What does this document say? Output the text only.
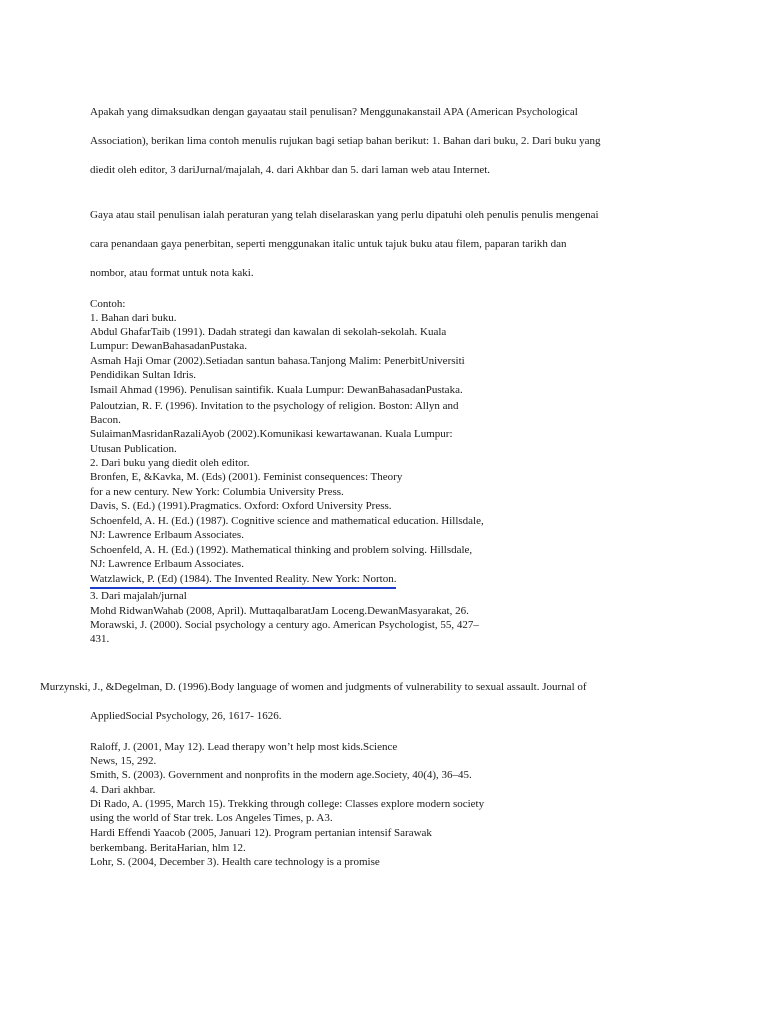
Apakah yang dimaksudkan dengan gayaatau stail penulisan? Menggunakanstail APA (American Psychological
Association), berikan lima contoh menulis rujukan bagi setiap bahan berikut: 1. Bahan dari buku, 2. Dari buku yang
diedit oleh editor, 3 dariJurnal/majalah, 4. dari Akhbar dan 5. dari laman web atau Internet.
Gaya atau stail penulisan ialah peraturan yang telah diselaraskan yang perlu dipatuhi oleh penulis penulis mengenai
cara penandaan gaya penerbitan, seperti menggunakan italic untuk tajuk buku atau filem, paparan tarikh dan
nombor, atau format untuk nota kaki.
Contoh:
1. Bahan dari buku.
Abdul GhafarTaib (1991). Dadah strategi dan kawalan di sekolah-sekolah. Kuala
Lumpur: DewanBahasadanPustaka.
Asmah Haji Omar (2002).Setiadan santun bahasa.Tanjong Malim: PenerbitUniversiti
Pendidikan Sultan Idris.
Ismail Ahmad (1996). Penulisan saintifik. Kuala Lumpur: DewanBahasadanPustaka.
Paloutzian, R. F. (1996). Invitation to the psychology of religion. Boston: Allyn and
Bacon.
SulaimanMasridanRazaliAyob (2002).Komunikasi kewartawanan. Kuala Lumpur:
Utusan Publication.
2. Dari buku yang diedit oleh editor.
Bronfen, E, &Kavka, M. (Eds) (2001). Feminist consequences: Theory
for a new century. New York: Columbia University Press.
Davis, S. (Ed.) (1991).Pragmatics. Oxford: Oxford University Press.
Schoenfeld, A. H. (Ed.) (1987). Cognitive science and mathematical education. Hillsdale,
NJ: Lawrence Erlbaum Associates.
Schoenfeld, A. H. (Ed.) (1992). Mathematical thinking and problem solving. Hillsdale,
NJ: Lawrence Erlbaum Associates.
Watzlawick, P. (Ed) (1984). The Invented Reality. New York: Norton.
3. Dari majalah/jurnal
Mohd RidwanWahab (2008, April). MuttaqalbaratJam Loceng.DewanMasyarakat, 26.
Morawski, J. (2000). Social psychology a century ago. American Psychologist, 55, 427–
431.
Murzynski, J., &Degelman, D. (1996).Body language of women and judgments of vulnerability to sexual assault. Journal of
AppliedSocial Psychology, 26, 1617- 1626.
Raloff, J. (2001, May 12). Lead therapy won’t help most kids.Science
News, 15, 292.
Smith, S. (2003). Government and nonprofits in the modern age.Society, 40(4), 36–45.
4. Dari akhbar.
Di Rado, A. (1995, March 15). Trekking through college: Classes explore modern society
using the world of Star trek. Los Angeles Times, p. A3.
Hardi Effendi Yaacob (2005, Januari 12). Program pertanian intensif Sarawak
berkembang. BeritaHarian, hlm 12.
Lohr, S. (2004, December 3). Health care technology is a promise
